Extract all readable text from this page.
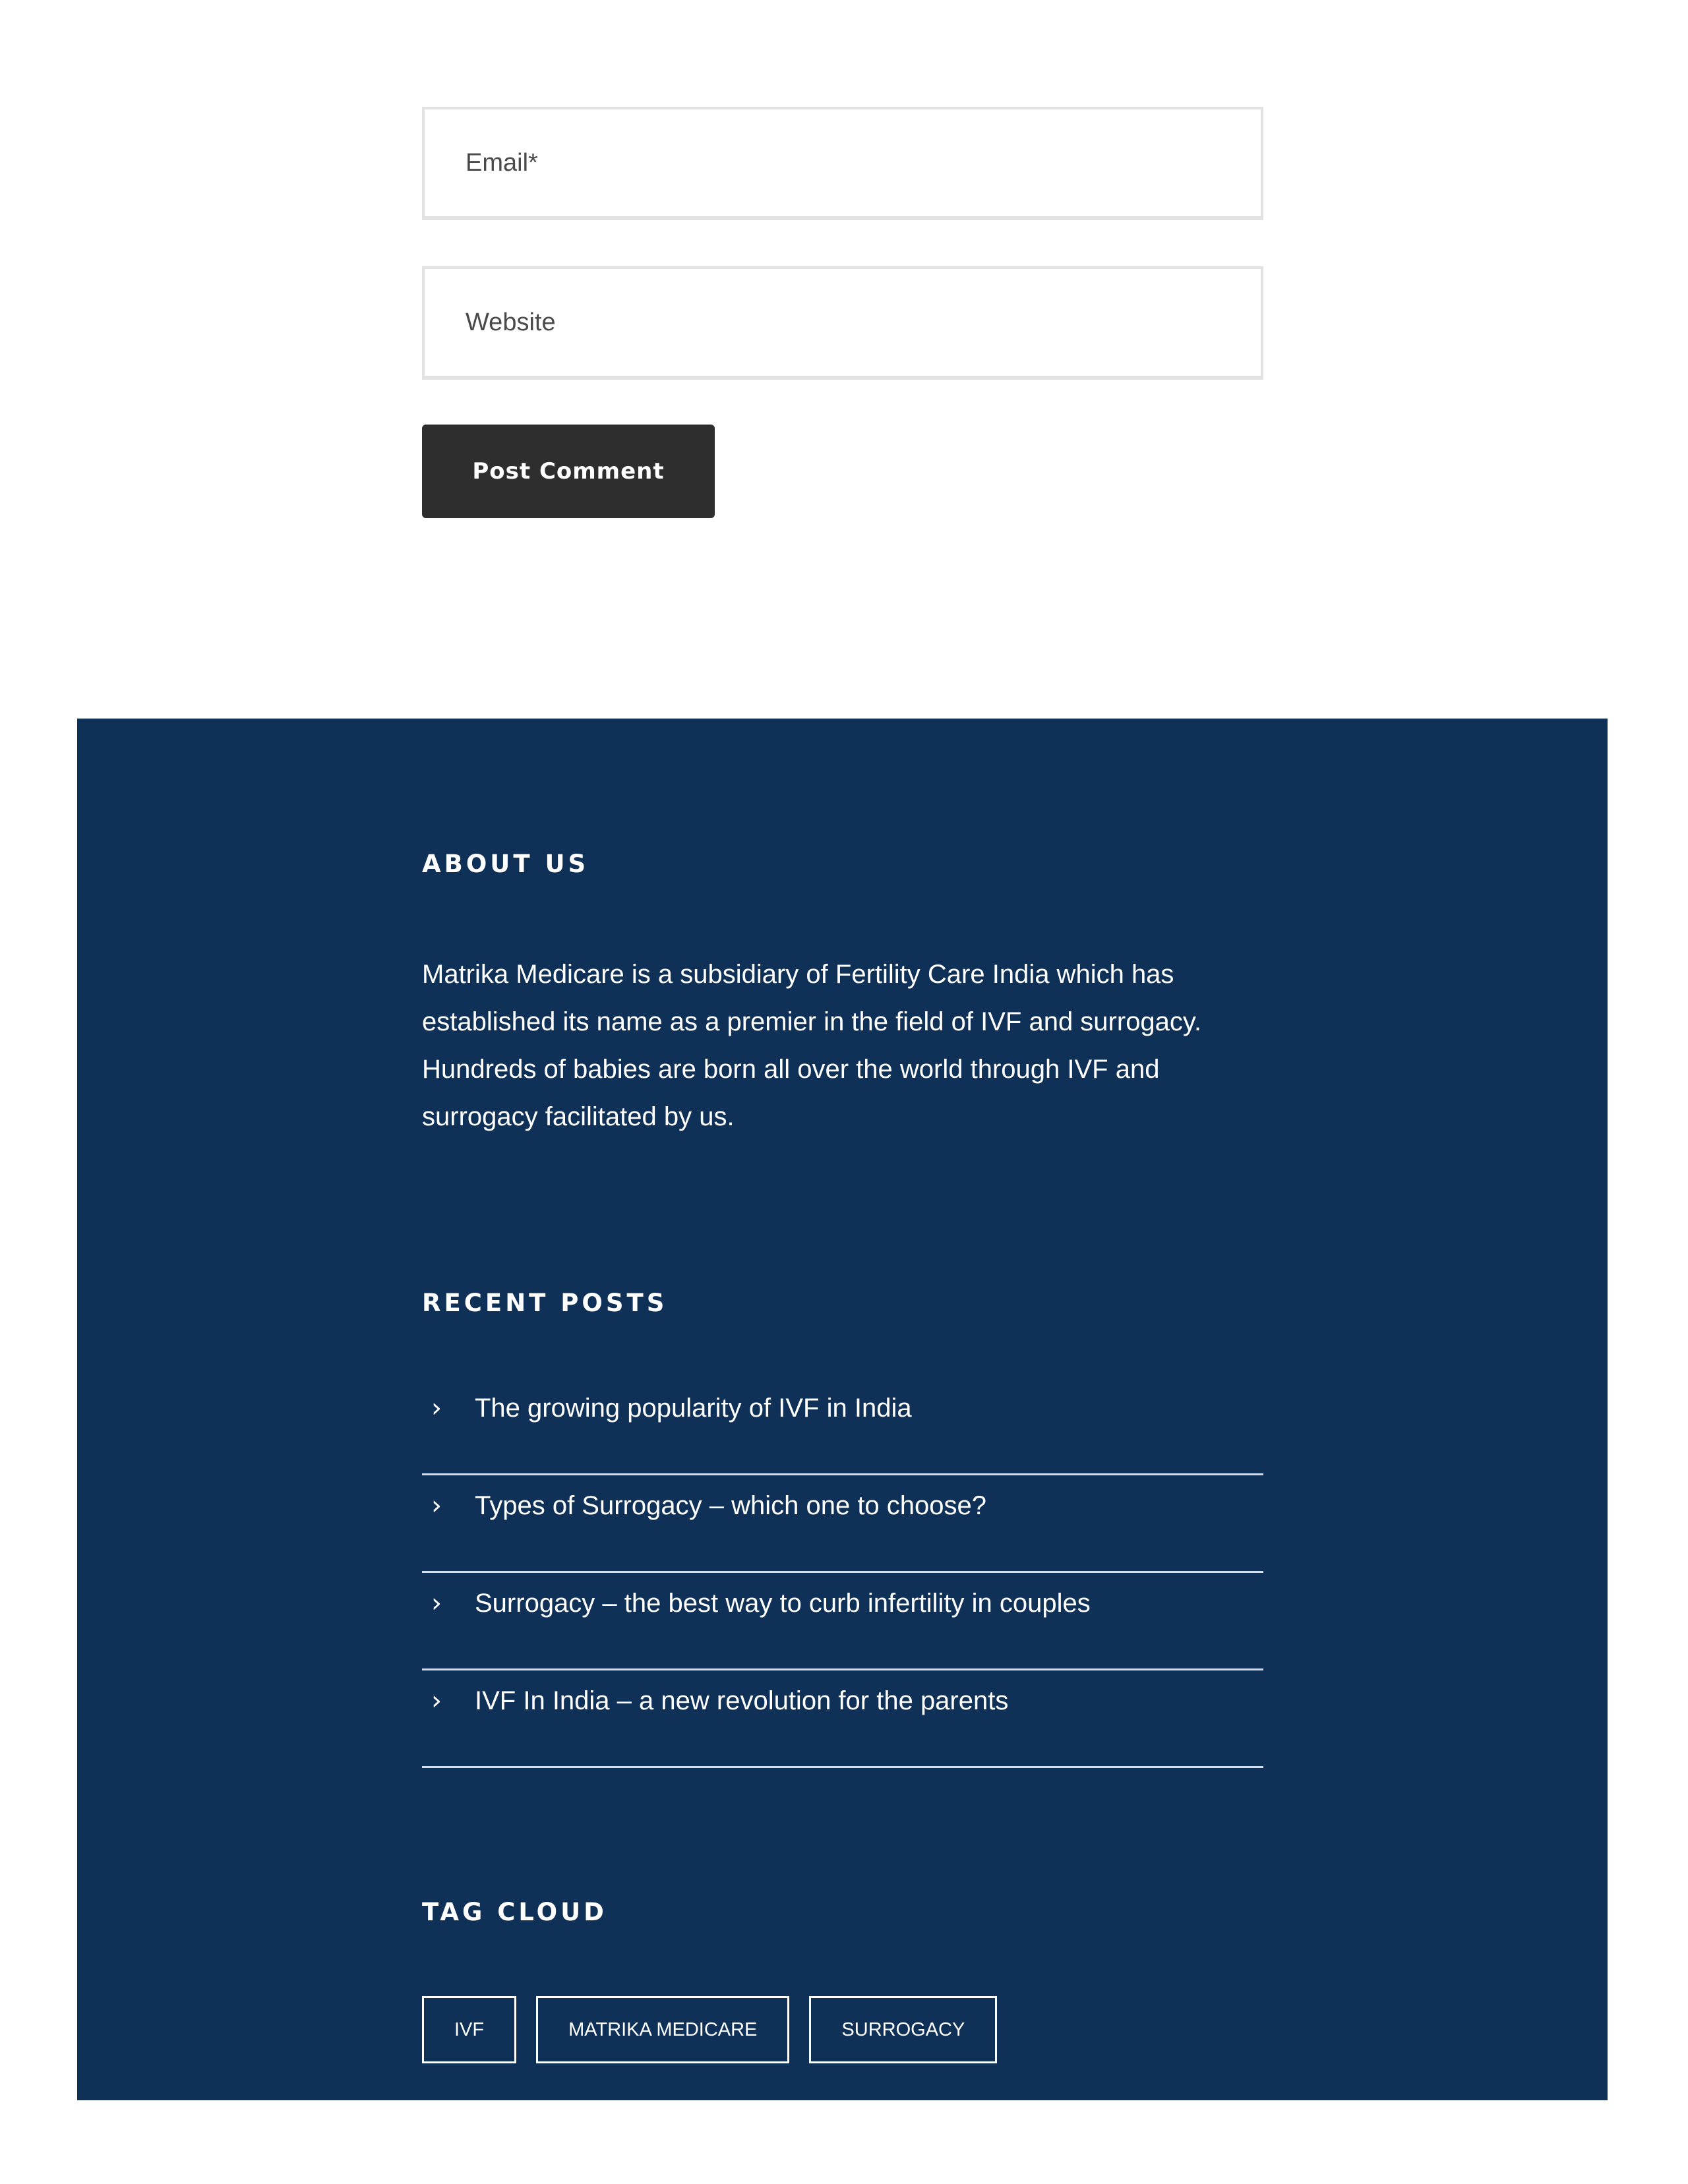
Email*
Website
Post Comment
ABOUT US

Matrika Medicare is a subsidiary of Fertility Care India which has established its name as a premier in the field of IVF and surrogacy. Hundreds of babies are born all over the world through IVF and surrogacy facilitated by us.

RECENT POSTS
›	The growing popularity of IVF in India
›	Types of Surrogacy – which one to choose?
›	Surrogacy – the best way to curb infertility in couples
›	IVF In India – a new revolution for the parents
TAG CLOUD
IVF	MATRIKA MEDICARE	SURROGACY
